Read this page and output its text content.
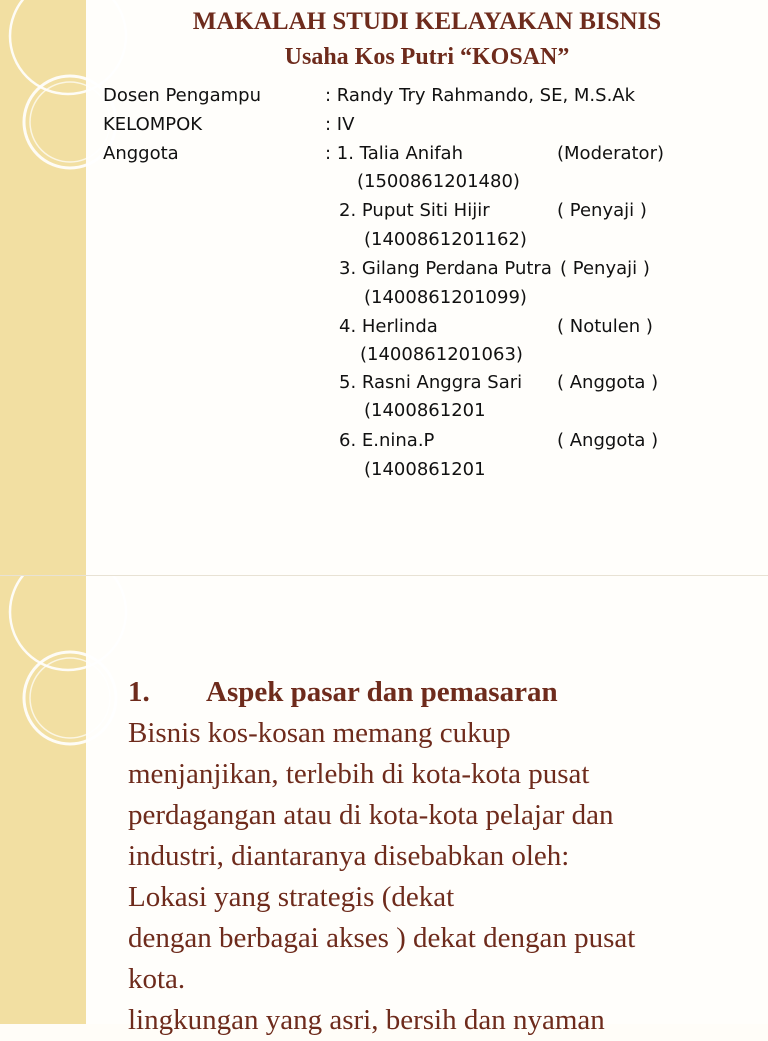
MAKALAH STUDI KELAYAKAN BISNIS
Usaha Kos Putri “KOSAN”
Dosen Pengampu	: Randy Try Rahmando, SE, M.S.Ak
KELOMPOK	: IV
Anggota	: 1. Talia Anifah	(Moderator)
(1500861201480)
2. Puput Siti Hijir	( Penyaji )
(1400861201162)
3. Gilang Perdana Putra ( Penyaji )
(1400861201099)
4. Herlinda	( Notulen )
(1400861201063)
5. Rasni Anggra Sari ( Anggota )
(1400861201
6. E.nina.P	( Anggota )
(1400861201
1. Aspek pasar dan pemasaran
Bisnis kos-kosan memang cukup
menjanjikan, terlebih di kota-kota pusat
perdagangan atau di kota-kota pelajar dan
industri, diantaranya disebabkan oleh:
Lokasi yang strategis (dekat
dengan berbagai akses ) dekat dengan pusat
kota.
lingkungan yang asri, bersih dan nyaman
